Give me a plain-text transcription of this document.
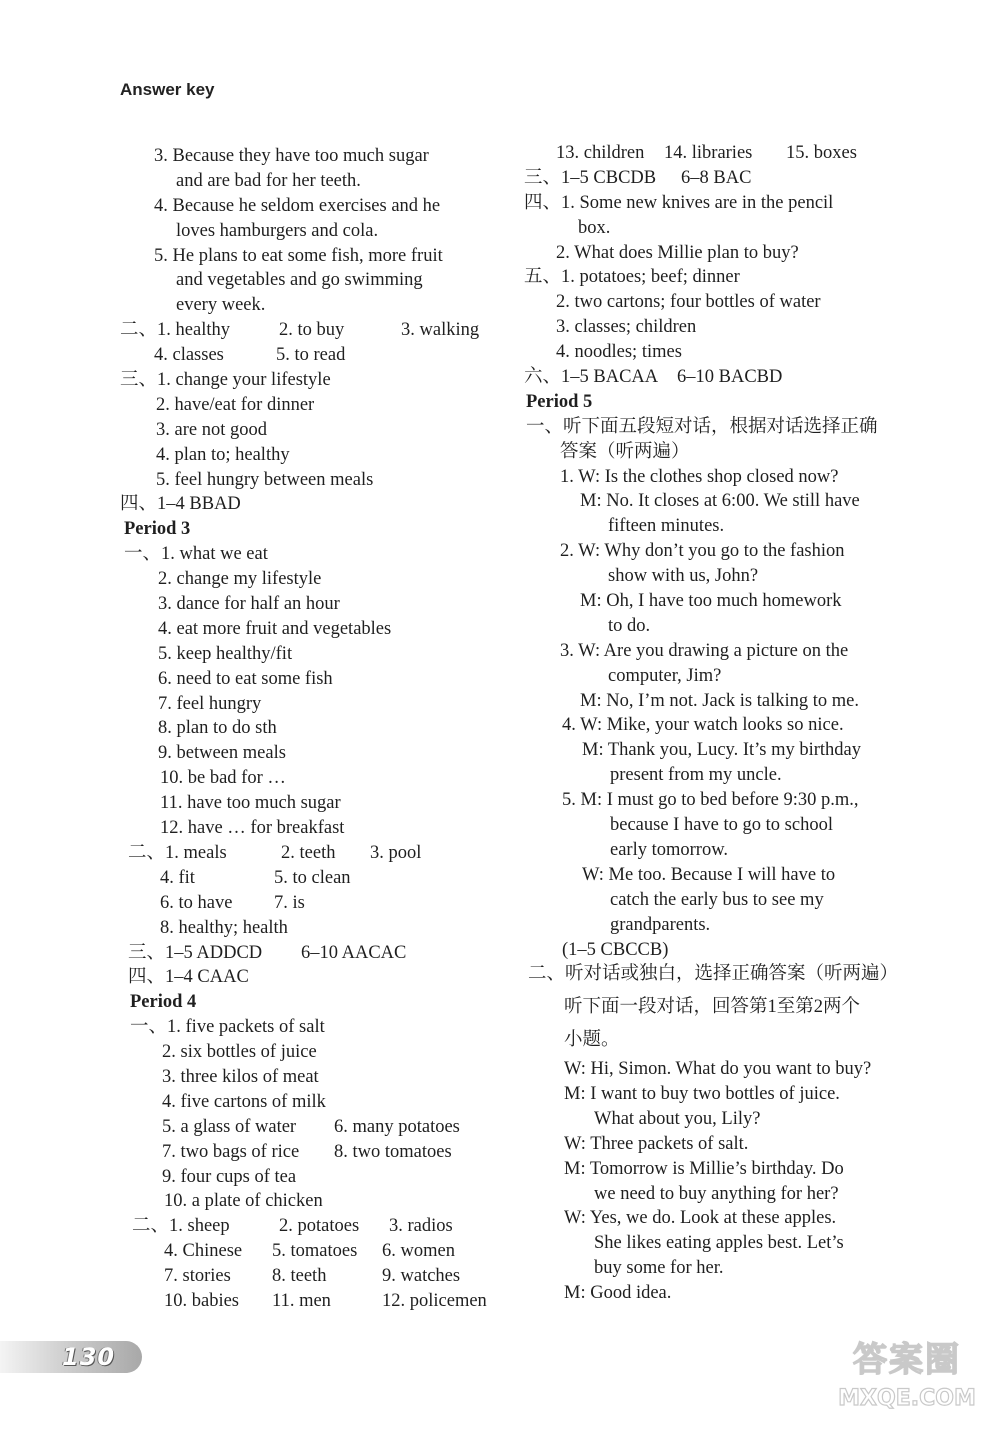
Answer key
3. Because they have too much sugar
and are bad for her teeth.
4. Because he seldom exercises and he
loves hamburgers and cola.
5. He plans to eat some fish, more fruit
and vegetables and go swimming
every week.
二、1. healthy	2. to buy	3. walking
4. classes	5. to read
三、1. change your lifestyle
2. have/eat for dinner
3. are not good
4. plan to; healthy
5. feel hungry between meals
四、1–4 BBAD
Period 3
一、1. what we eat
2. change my lifestyle
3. dance for half an hour
4. eat more fruit and vegetables
5. keep healthy/fit
6. need to eat some fish
7. feel hungry
8. plan to do sth
9. between meals
10. be bad for …
11. have too much sugar
12. have … for breakfast
二、1. meals	2. teeth 3. pool
4. fit	5. to clean
6. to have 7. is
8. healthy; health
三、1–5 ADDCD 6–10 AACAC
四、1–4 CAAC
Period 4
一、1. five packets of salt
2. six bottles of juice
3. three kilos of meat
4. five cartons of milk
5. a glass of water 6. many potatoes
7. two bags of rice 8. two tomatoes
9. four cups of tea
10. a plate of chicken
二、1. sheep	2. potatoes 3. radios
4. Chinese 5. tomatoes 6. women
7. stories 8. teeth	9. watches
10. babies 11. men	12. policemen
13. children 14. libraries 15. boxes
三、1–5 CBCDB 6–8 BAC
四、1. Some new knives are in the pencil
box.
2. What does Millie plan to buy?
五、1. potatoes; beef; dinner
2. two cartons; four bottles of water
3. classes; children
4. noodles; times
六、1–5 BACAA 6–10 BACBD
Period 5
一、听下面五段短对话，根据对话选择正确
答案（听两遍）
1. W: Is the clothes shop closed now?
M: No. It closes at 6:00. We still have
fifteen minutes.
2. W: Why don’t you go to the fashion
show with us, John?
M: Oh, I have too much homework
to do.
3. W: Are you drawing a picture on the
computer, Jim?
M: No, I’m not. Jack is talking to me.
4. W: Mike, your watch looks so nice.
M: Thank you, Lucy. It’s my birthday
present from my uncle.
5. M: I must go to bed before 9:30 p.m.,
because I have to go to school
early tomorrow.
W: Me too. Because I will have to
catch the early bus to see my
grandparents.
(1–5 CBCCB)
二、听对话或独白，选择正确答案（听两遍）
听下面一段对话，回答第1至第2两个
小题。
W: Hi, Simon. What do you want to buy?
M: I want to buy two bottles of juice.
What about you, Lily?
W: Three packets of salt.
M: Tomorrow is Millie’s birthday. Do
we need to buy anything for her?
W: Yes, we do. Look at these apples.
She likes eating apples best. Let’s
buy some for her.
M: Good idea.
130	答案圈
MXQE.COM
